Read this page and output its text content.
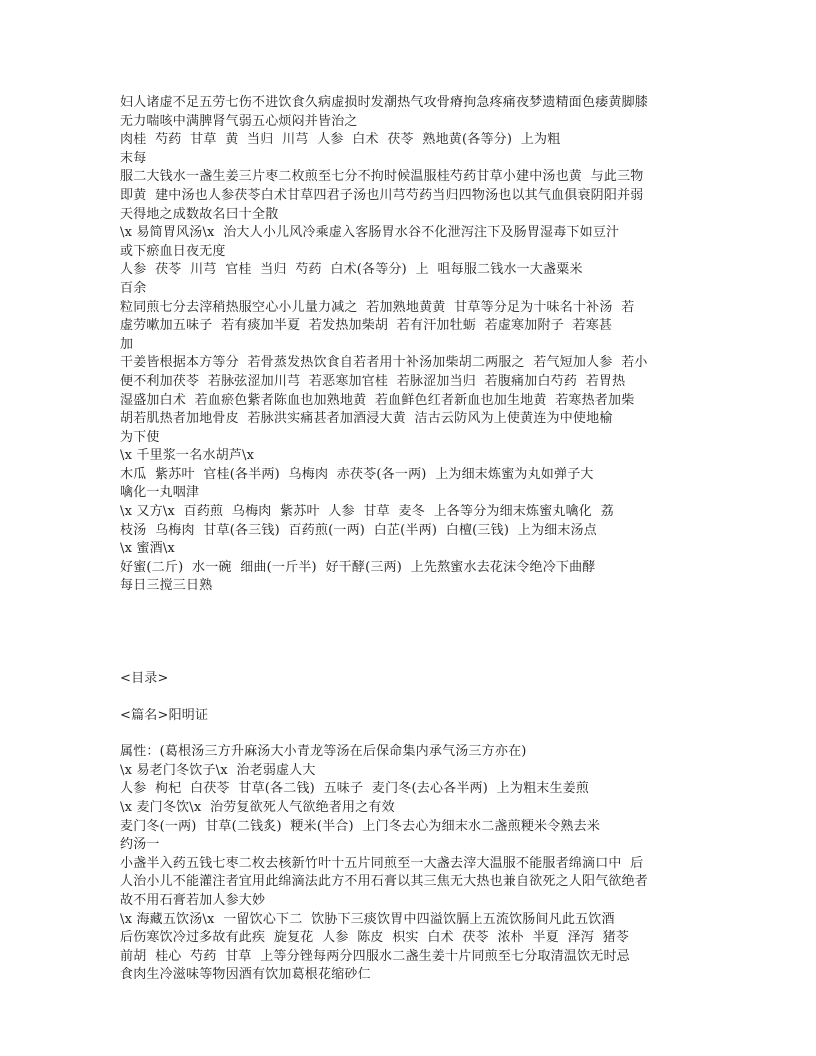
妇人诸虚不足五劳七伤不进饮食久病虚损时发潮热气攻骨瘠拘急疼痛夜梦遗精面色痿黄脚膝

无力喘咳中满脾肾气弱五心烦闷并皆治之

肉桂  芍药  甘草  黄  当归  川芎  人参  白术  茯苓  熟地黄(各等分)  上为粗

末每

服二大钱水一盏生姜三片枣二枚煎至七分不拘时候温服桂芍药甘草小建中汤也黄  与此三物

即黄  建中汤也人参茯苓白术甘草四君子汤也川芎芍药当归四物汤也以其气血俱衰阴阳并弱

天得地之成数故名曰十全散

\x 易简胃风汤\x  治大人小儿风冷乘虚入客肠胃水谷不化泄泻注下及肠胃湿毒下如豆汁

或下瘀血日夜无度

人参  茯苓  川芎  官桂  当归  芍药  白术(各等分)  上  咀每服二钱水一大盏粟米

百余

粒同煎七分去滓稍热服空心小儿量力减之  若加熟地黄黄  甘草等分足为十味名十补汤  若

虚劳嗽加五味子  若有痰加半夏  若发热加柴胡  若有汗加牡蛎  若虚寒加附子  若寒甚

加

干姜皆根据本方等分  若骨蒸发热饮食自若者用十补汤加柴胡二两服之  若气短加人参  若小

便不利加茯苓  若脉弦涩加川芎  若恶寒加官桂  若脉涩加当归  若腹痛加白芍药  若胃热

湿盛加白术  若血瘀色紫者陈血也加熟地黄  若血鲜色红者新血也加生地黄  若寒热者加柴

胡若肌热者加地骨皮  若脉洪实痛甚者加酒浸大黄  洁古云防风为上使黄连为中使地榆

为下使

\x 千里浆一名水胡芦\x

木瓜  紫苏叶  官桂(各半两)  乌梅肉  赤茯苓(各一两)  上为细末炼蜜为丸如弹子大

噙化一丸咽津

\x 又方\x  百药煎  乌梅肉  紫苏叶  人参  甘草  麦冬  上各等分为细末炼蜜丸噙化  荔

枝汤  乌梅肉  甘草(各三钱)  百药煎(一两)  白芷(半两)  白檀(三钱)  上为细末汤点

\x 蜜酒\x

好蜜(二斤)  水一碗  细曲(一斤半)  好干酵(三两)  上先熬蜜水去花沫令绝冷下曲酵

每日三搅三日熟

<目录>

<篇名>阳明证

属性：(葛根汤三方升麻汤大小青龙等汤在后保命集内承气汤三方亦在)

\x 易老门冬饮子\x  治老弱虚人大

人参  枸杞  白茯苓  甘草(各二钱)  五味子  麦门冬(去心各半两)  上为粗末生姜煎

\x 麦门冬饮\x  治劳复欲死人气欲绝者用之有效

麦门冬(一两)  甘草(二钱炙)  粳米(半合)  上门冬去心为细末水二盏煎粳米令熟去米

约汤一

小盏半入药五钱七枣二枚去核新竹叶十五片同煎至一大盏去滓大温服不能服者绵滴口中  后

人治小儿不能灌注者宜用此绵滴法此方不用石膏以其三焦无大热也兼自欲死之人阳气欲绝者

故不用石膏若加人参大妙

\x 海藏五饮汤\x  一留饮心下二  饮胁下三痰饮胃中四溢饮膈上五流饮肠间凡此五饮酒

后伤寒饮冷过多故有此疾  旋复花  人参  陈皮  枳实  白术  茯苓  浓朴  半夏  泽泻  猪苓

前胡  桂心  芍药  甘草  上等分锉每两分四服水二盏生姜十片同煎至七分取清温饮无时忌

食肉生冷滋味等物因酒有饮加葛根花缩砂仁
